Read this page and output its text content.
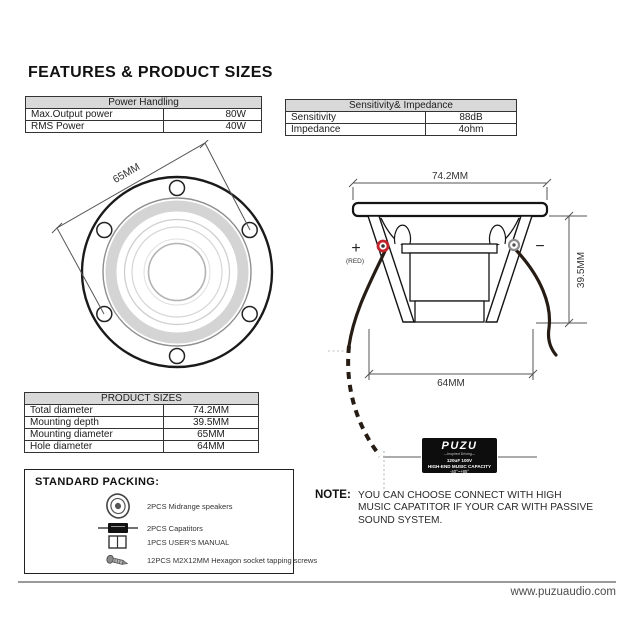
FEATURES & PRODUCT SIZES
Power Handling	
Max.Output power	80W
RMS Power	40W
Sensitivity& Impedance	
Sensitivity	88dB
Impedance	4ohm
65MM	74.2MM
39.5MM
64MM
+
(RED)
−
PUZU
—Inspired Driving—
120uF 100V
HIGH-END MUSIC CAPACITY
-40°~+85°
PRODUCT SIZES	
Total diameter	74.2MM
Mounting depth	39.5MM
Mounting diameter	65MM
Hole diameter	64MM
STANDARD PACKING:
2PCS Midrange speakers
2PCS Capatitors
1PCS USER'S MANUAL
12PCS M2X12MM Hexagon socket tapping screws
NOTE: YOU CAN CHOOSE CONNECT WITH HIGH MUSIC CAPATITOR IF YOUR CAR WITH PASSIVE SOUND SYSTEM.
www.puzuaudio.com
